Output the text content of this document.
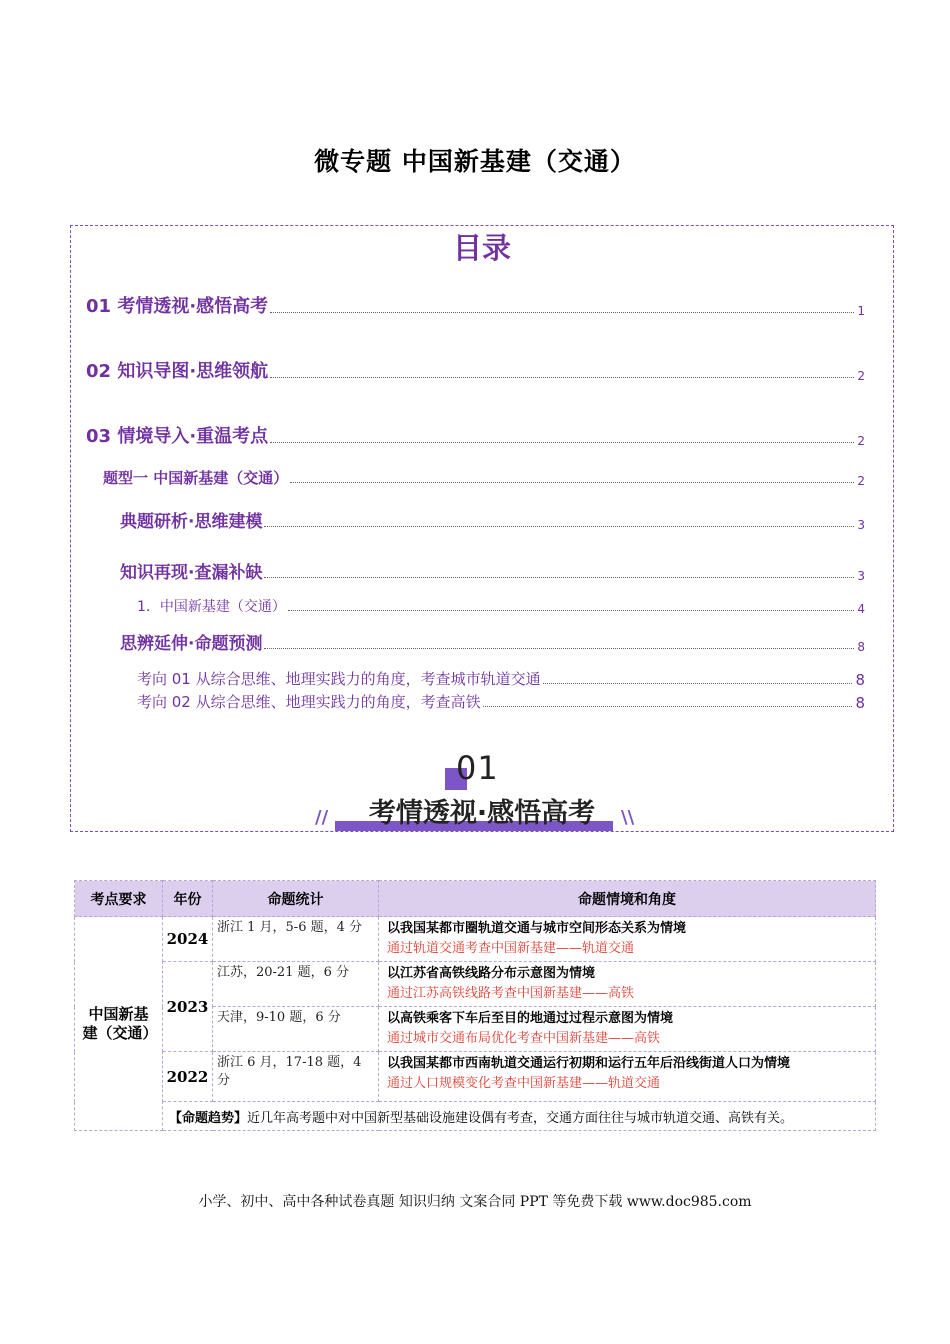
微专题 中国新基建（交通）
目录
01 考情透视·感悟高考	1
02 知识导图·思维领航	2
03 情境导入·重温考点	2
题型一 中国新基建（交通）	2
典题研析·思维建模	3
知识再现·查漏补缺	3
1．中国新基建（交通）	4
思辨延伸·命题预测	8
考向 01 从综合思维、地理实践力的角度，考查城市轨道交通	8
考向 02 从综合思维、地理实践力的角度，考查高铁	8
01
考情透视·感悟高考
//	\\
考点要求	年份	命题统计	命题情境和角度
中国新基建（交通）	2024	浙江 1 月，5-6 题，4 分	以我国某都市圈轨道交通与城市空间形态关系为情境
通过轨道交通考查中国新基建——轨道交通

	2023	江苏，20-21 题，6 分	以江苏省高铁线路分布示意图为情境
通过江苏高铁线路考查中国新基建——高铁

		天津，9-10 题，6 分	以高铁乘客下车后至目的地通过过程示意图为情境
通过城市交通布局优化考查中国新基建——高铁

	2022	浙江 6 月，17-18 题，4 分	以我国某都市西南轨道交通运行初期和运行五年后沿线街道人口为情境
通过人口规模变化考查中国新基建——轨道交通

	【命题趋势】近几年高考题中对中国新型基础设施建设偶有考查，交通方面往往与城市轨道交通、高铁有关。		
小学、初中、高中各种试卷真题 知识归纳 文案合同 PPT 等免费下载 www.doc985.com
